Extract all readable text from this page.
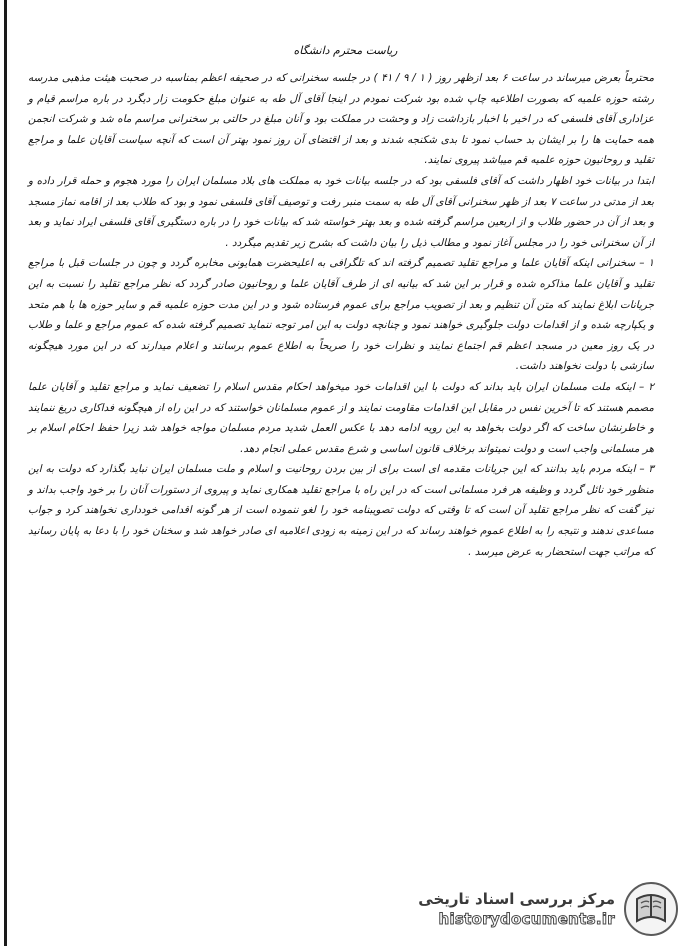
رياست محترم دانشگاه

محترماً بعرض میرساند در ساعت ۶ بعد ازظهر روز ( ۱ / ۹ / ۴۱ ) در جلسه سخنرانی که در صحیفه اعظم بمناسبه در صحبت هیئت مذهبی مدرسه رشته حوزه علمیه که بصورت اطلاعیه چاپ شده بود شرکت نمودم در اینجا آقای آل طه به عنوان مبلغ حکومت زار دیگرد در باره مراسم قیام و عزاداری آقای فلسفی که در اخیر با اخبار بازداشت زاد و وحشت در مملکت بود و آنان مبلغ در حالتی بر سخنرانی مراسم ماه شد و شرکت انجمن همه حمایت ها را بر ایشان بد حساب نمود تا بدی شکنجه شدند و بعد از اقتضای آن روز نمود بهتر آن است که آنچه سیاست آقایان علما و مراجع تقلید و روحانیون حوزه علمیه قم میباشد پیروی نمایند.

ابتدا در بیانات خود اظهار داشت که آقای فلسفی بود که در جلسه بیانات خود به مملکت های بلاد مسلمان ایران را مورد هجوم و حمله قرار داده و بعد از مدتی در ساعت ۷ بعد از ظهر سخنرانی آقای آل طه به سمت منبر رفت و توصیف آقای فلسفی نمود و بود که طلاب بعد از اقامه نماز مسجد و بعد از آن در حضور طلاب و از اربعین مراسم گرفته شده و بعد بهتر خواسته شد که بیانات خود را در باره دستگیری آقای فلسفی ایراد نماید و بعد از آن سخنرانی خود را در مجلس آغاز نمود و مطالب ذیل را بیان داشت که بشرح زیر تقدیم میگردد .

۱ – سخنرانی اینکه آقایان علما و مراجع تقلید تصمیم گرفته اند که تلگرافی به اعلیحضرت همایونی مخابره گردد و چون در جلسات قبل با مراجع تقلید و آقایان علما مذاکره شده و قرار بر این شد که بیانیه ای از طرف آقایان علما و روحانیون صادر گردد که نظر مراجع تقلید را نسبت به این جریانات ابلاغ نمایند که متن آن تنظیم و بعد از تصویب مراجع برای عموم فرستاده شود و در این مدت حوزه علمیه قم و سایر حوزه ها با هم متحد و یکپارچه شده و از اقدامات دولت جلوگیری خواهند نمود و چنانچه دولت به این امر توجه ننماید تصمیم گرفته شده که عموم مراجع و علما و طلاب در یک روز معین در مسجد اعظم قم اجتماع نمایند و نظرات خود را صریحاً به اطلاع عموم برسانند و اعلام میدارند که در این مورد هیچگونه سازشی با دولت نخواهند داشت.

۲ – اینکه ملت مسلمان ایران باید بداند که دولت با این اقدامات خود میخواهد احکام مقدس اسلام را تضعیف نماید و مراجع تقلید و آقایان علما مصمم هستند که تا آخرین نفس در مقابل این اقدامات مقاومت نمایند و از عموم مسلمانان خواستند که در این راه از هیچگونه فداکاری دریغ ننمایند و خاطرنشان ساخت که اگر دولت بخواهد به این رویه ادامه دهد با عکس العمل شدید مردم مسلمان مواجه خواهد شد زیرا حفظ احکام اسلام بر هر مسلمانی واجب است و دولت نمیتواند برخلاف قانون اساسی و شرع مقدس عملی انجام دهد.

۳ – اینکه مردم باید بدانند که این جریانات مقدمه ای است برای از بین بردن روحانیت و اسلام و ملت مسلمان ایران نباید بگذارد که دولت به این منظور خود نائل گردد و وظیفه هر فرد مسلمانی است که در این راه با مراجع تقلید همکاری نماید و پیروی از دستورات آنان را بر خود واجب بداند و نیز گفت که نظر مراجع تقلید آن است که تا وقتی که دولت تصویبنامه خود را لغو ننموده است از هر گونه اقدامی خودداری نخواهند کرد و جواب مساعدی ندهند و نتیجه را به اطلاع عموم خواهند رساند که در این زمینه به زودی اعلامیه ای صادر خواهد شد و سخنان خود را با دعا به پایان رسانید که مراتب جهت استحضار به عرض میرسد .

مرکز بررسی اسناد تاریخی
historydocuments.ir
